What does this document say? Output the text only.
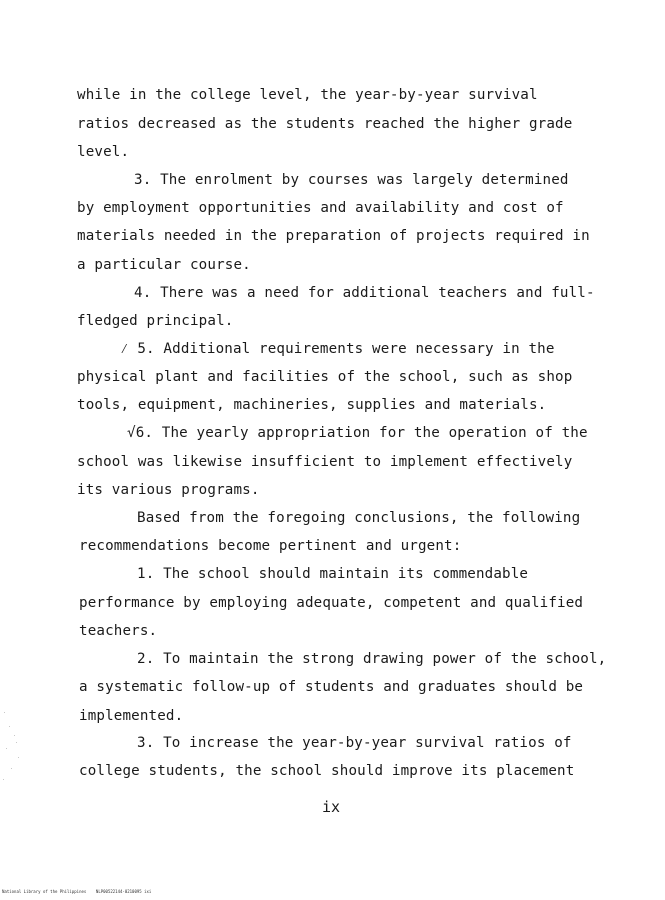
while in the college level, the year-by-year survival
ratios decreased as the students reached the higher grade
level.
3. The enrolment by courses was largely determined
by employment opportunities and availability and cost of
materials needed in the preparation of projects required in
a particular course.
4. There was a need for additional teachers and full-
fledged principal.
⁄ 5. Additional requirements were necessary in the
physical plant and facilities of the school, such as shop
tools, equipment, machineries, supplies and materials.
√6. The yearly appropriation for the operation of the
school was likewise insufficient to implement effectively
its various programs.
Based from the foregoing conclusions, the following
recommendations become pertinent and urgent:
1. The school should maintain its commendable
performance by employing adequate, competent and qualified
teachers.
2. To maintain the strong drawing power of the school,
a systematic follow-up of students and graduates should be
implemented.
3. To increase the year-by-year survival ratios of
college students, the school should improve its placement
ix
National Library of the Philippines    NLP00522144-0210095 ixi
